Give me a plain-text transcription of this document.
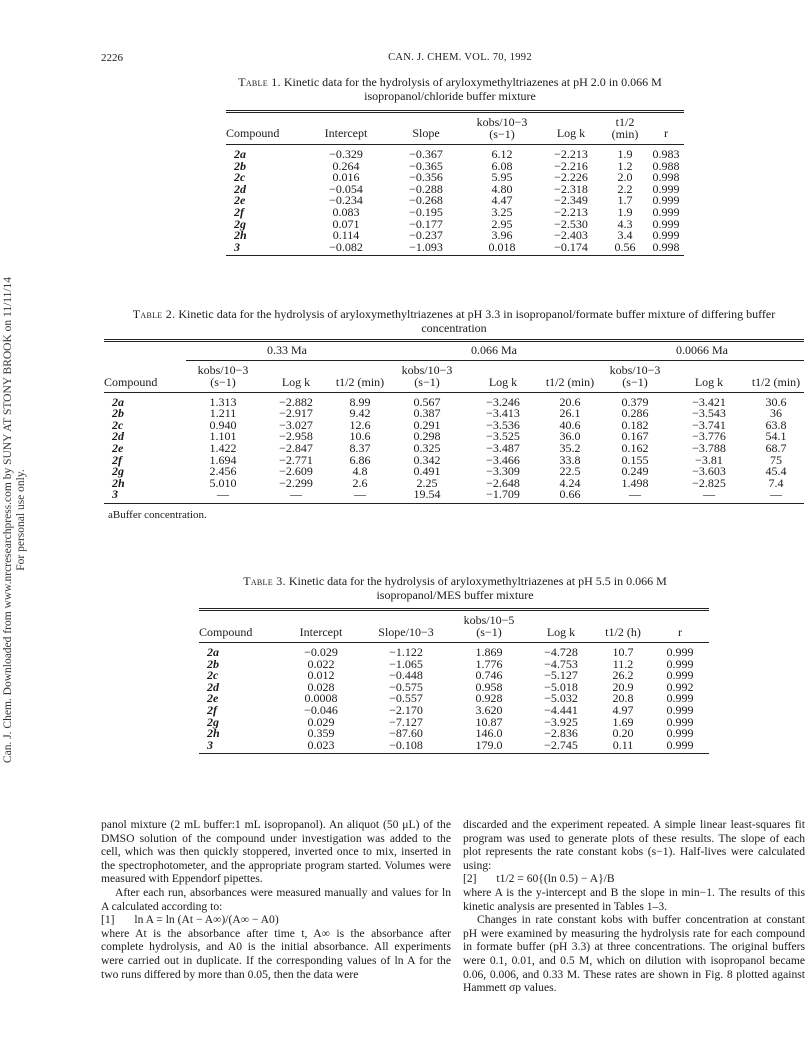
Can. J. Chem. Downloaded from www.nrcresearchpress.com by SUNY AT STONY BROOK on 11/11/14 For personal use only.
2226	CAN. J. CHEM. VOL. 70, 1992
Table 1. Kinetic data for the hydrolysis of aryloxymethyltriazenes at pH 2.0 in 0.066 M isopropanol/chloride buffer mixture
Compound	Intercept	Slope	kobs/10−3 (s−1)	Log k	t1/2 (min)	r
2a	−0.329	−0.367	6.12	−2.213	1.9	0.983
2b	0.264	−0.365	6.08	−2.216	1.2	0.988
2c	0.016	−0.356	5.95	−2.226	2.0	0.998
2d	−0.054	−0.288	4.80	−2.318	2.2	0.999
2e	−0.234	−0.268	4.47	−2.349	1.7	0.999
2f	0.083	−0.195	3.25	−2.213	1.9	0.999
2g	0.071	−0.177	2.95	−2.530	4.3	0.999
2h	0.114	−0.237	3.96	−2.403	3.4	0.999
3	−0.082	−1.093	0.018	−0.174	0.56	0.998
Table 2. Kinetic data for the hydrolysis of aryloxymethyltriazenes at pH 3.3 in isopropanol/formate buffer mixture of differing buffer concentration
	0.33 Ma			0.066 Ma			0.0066 Ma		
Compound	kobs/10−3 (s−1)	Log k	t1/2 (min)	kobs/10−3 (s−1)	Log k	t1/2 (min)	kobs/10−3 (s−1)	Log k	t1/2 (min)
2a	1.313	−2.882	8.99	0.567	−3.246	20.6	0.379	−3.421	30.6
2b	1.211	−2.917	9.42	0.387	−3.413	26.1	0.286	−3.543	36
2c	0.940	−3.027	12.6	0.291	−3.536	40.6	0.182	−3.741	63.8
2d	1.101	−2.958	10.6	0.298	−3.525	36.0	0.167	−3.776	54.1
2e	1.422	−2.847	8.37	0.325	−3.487	35.2	0.162	−3.788	68.7
2f	1.694	−2.771	6.86	0.342	−3.466	33.8	0.155	−3.81	75
2g	2.456	−2.609	4.8	0.491	−3.309	22.5	0.249	−3.603	45.4
2h	5.010	−2.299	2.6	2.25	−2.648	4.24	1.498	−2.825	7.4
3	—	—	—	19.54	−1.709	0.66	—	—	—
aBuffer concentration.
Table 3. Kinetic data for the hydrolysis of aryloxymethyltriazenes at pH 5.5 in 0.066 M isopropanol/MES buffer mixture
Compound	Intercept	Slope/10−3	kobs/10−5 (s−1)	Log k	t1/2 (h)	r
2a	−0.029	−1.122	1.869	−4.728	10.7	0.999
2b	0.022	−1.065	1.776	−4.753	11.2	0.999
2c	0.012	−0.448	0.746	−5.127	26.2	0.999
2d	0.028	−0.575	0.958	−5.018	20.9	0.992
2e	0.0008	−0.557	0.928	−5.032	20.8	0.999
2f	−0.046	−2.170	3.620	−4.441	4.97	0.999
2g	0.029	−7.127	10.87	−3.925	1.69	0.999
2h	0.359	−87.60	146.0	−2.836	0.20	0.999
3	0.023	−0.108	179.0	−2.745	0.11	0.999

panol mixture (2 mL buffer:1 mL isopropanol). An aliquot (50 μL) of the DMSO solution of the compound under investigation was added to the cell, which was then quickly stoppered, inverted once to mix, inserted in the spectrophotometer, and the appropriate program started. Volumes were measured with Eppendorf pipettes.

After each run, absorbances were measured manually and values for ln A calculated according to:

[1] ln A = ln (At − A∞)/(A∞ − A0)

where At is the absorbance after time t, A∞ is the absorbance after complete hydrolysis, and A0 is the initial absorbance. All experiments were carried out in duplicate. If the corresponding values of ln A for the two runs differed by more than 0.05, then the data were

discarded and the experiment repeated. A simple linear least-squares fit program was used to generate plots of these results. The slope of each plot represents the rate constant kobs (s−1). Half-lives were calculated using:

[2] t1/2 = 60{(ln 0.5) − A}/B

where A is the y-intercept and B the slope in min−1. The results of this kinetic analysis are presented in Tables 1–3.

Changes in rate constant kobs with buffer concentration at constant pH were examined by measuring the hydrolysis rate for each compound in formate buffer (pH 3.3) at three concentrations. The original buffers were 0.1, 0.01, and 0.5 M, which on dilution with isopropanol became 0.06, 0.006, and 0.33 M. These rates are shown in Fig. 8 plotted against Hammett σp values.
